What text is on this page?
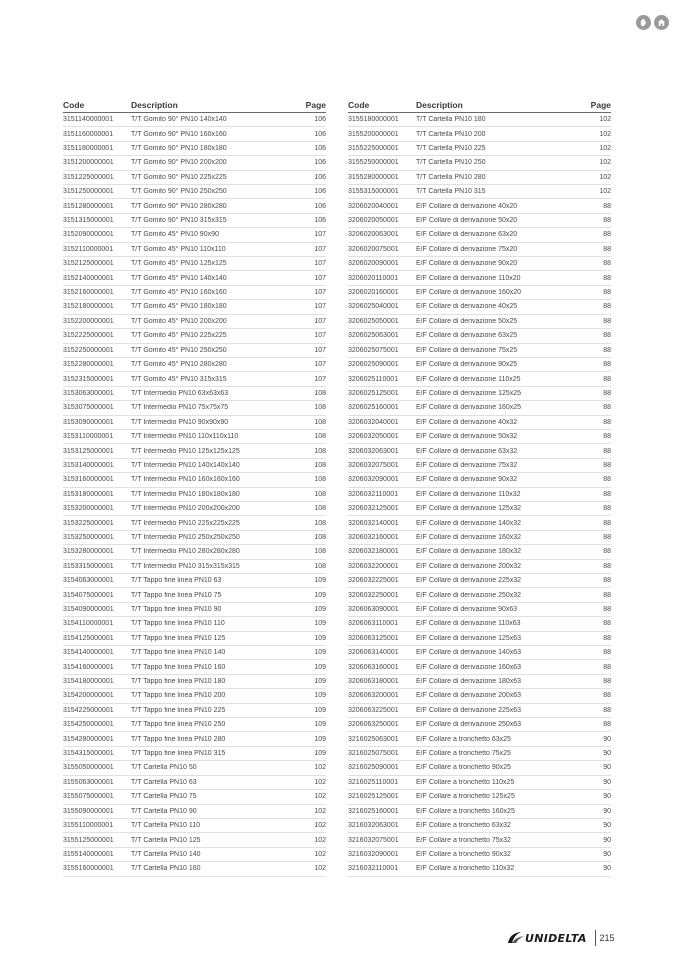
Code	Description	Page
3151140000001	T/T Gomito 90° PN10 140x140	106
3151160000001	T/T Gomito 90° PN10 160x160	106
3151180000001	T/T Gomito 90° PN10 180x180	106
3151200000001	T/T Gomito 90° PN10 200x200	106
3151225000001	T/T Gomito 90° PN10 225x225	106
3151250000001	T/T Gomito 90° PN10 250x250	106
3151280000001	T/T Gomito 90° PN10 280x280	106
3151315000001	T/T Gomito 90° PN10 315x315	106
3152090000001	T/T Gomito 45° PN10 90x90	107
3152110000001	T/T Gomito 45° PN10 110x110	107
3152125000001	T/T Gomito 45° PN10 125x125	107
3152140000001	T/T Gomito 45° PN10 140x140	107
3152160000001	T/T Gomito 45° PN10 160x160	107
3152180000001	T/T Gomito 45° PN10 180x180	107
3152200000001	T/T Gomito 45° PN10 200x200	107
3152225000001	T/T Gomito 45° PN10 225x225	107
3152250000001	T/T Gomito 45° PN10 250x250	107
3152280000001	T/T Gomito 45° PN10 280x280	107
3152315000001	T/T Gomito 45° PN10 315x315	107
3153063000001	T/T Intermedio PN10 63x63x63	108
3153075000001	T/T Intermedio PN10 75x75x75	108
3153090000001	T/T Intermedio PN10 90x90x90	108
3153110000001	T/T Intermedio PN10 110x110x110	108
3153125000001	T/T Intermedio PN10 125x125x125	108
3153140000001	T/T Intermedio PN10 140x140x140	108
3153160000001	T/T Intermedio PN10 160x160x160	108
3153180000001	T/T Intermedio PN10 180x180x180	108
3153200000001	T/T Intermedio PN10 200x200x200	108
3153225000001	T/T Intermedio PN10 225x225x225	108
3153250000001	T/T Intermedio PN10 250x250x250	108
3153280000001	T/T Intermedio PN10 280x280x280	108
3153315000001	T/T Intermedio PN10 315x315x315	108
3154063000001	T/T Tappo fine linea PN10 63	109
3154075000001	T/T Tappo fine linea PN10 75	109
3154090000001	T/T Tappo fine linea PN10 90	109
3154110000001	T/T Tappo fine linea PN10 110	109
3154125000001	T/T Tappo fine linea PN10 125	109
3154140000001	T/T Tappo fine linea PN10 140	109
3154160000001	T/T Tappo fine linea PN10 160	109
3154180000001	T/T Tappo fine linea PN10 180	109
3154200000001	T/T Tappo fine linea PN10 200	109
3154225000001	T/T Tappo fine linea PN10 225	109
3154250000001	T/T Tappo fine linea PN10 250	109
3154280000001	T/T Tappo fine linea PN10 280	109
3154315000001	T/T Tappo fine linea PN10 315	109
3155050000001	T/T Cartella PN10 50	102
3155063000001	T/T Cartella PN10 63	102
3155075000001	T/T Cartella PN10 75	102
3155090000001	T/T Cartella PN10 90	102
3155110000001	T/T Cartella PN10 110	102
3155125000001	T/T Cartella PN10 125	102
3155140000001	T/T Cartella PN10 140	102
3155160000001	T/T Cartella PN10 160	102
Code	Description	Page
3155180000001	T/T Cartella PN10 180	102
3155200000001	T/T Cartella PN10 200	102
3155225000001	T/T Cartella PN10 225	102
3155250000001	T/T Cartella PN10 250	102
3155280000001	T/T Cartella PN10 280	102
3155315000001	T/T Cartella PN10 315	102
3206020040001	E/F Collare di derivazione 40x20	88
3206020050001	E/F Collare di derivazione 50x20	88
3206020063001	E/F Collare di derivazione 63x20	88
3206020075001	E/F Collare di derivazione 75x20	88
3206020090001	E/F Collare di derivazione 90x20	88
3206020110001	E/F Collare di derivazione 110x20	88
3206020160001	E/F Collare di derivazione 160x20	88
3206025040001	E/F Collare di derivazione 40x25	88
3206025050001	E/F Collare di derivazione 50x25	88
3206025063001	E/F Collare di derivazione 63x25	88
3206025075001	E/F Collare di derivazione 75x25	88
3206025090001	E/F Collare di derivazione 90x25	88
3206025110001	E/F Collare di derivazione 110x25	88
3206025125001	E/F Collare di derivazione 125x25	88
3206025160001	E/F Collare di derivazione 160x25	88
3206032040001	E/F Collare di derivazione 40x32	88
3206032050001	E/F Collare di derivazione 50x32	88
3206032063001	E/F Collare di derivazione 63x32	88
3206032075001	E/F Collare di derivazione 75x32	88
3206032090001	E/F Collare di derivazione 90x32	88
3206032110001	E/F Collare di derivazione 110x32	88
3206032125001	E/F Collare di derivazione 125x32	88
3206032140001	E/F Collare di derivazione 140x32	88
3206032160001	E/F Collare di derivazione 160x32	88
3206032180001	E/F Collare di derivazione 180x32	88
3206032200001	E/F Collare di derivazione 200x32	88
3206032225001	E/F Collare di derivazione 225x32	88
3206032250001	E/F Collare di derivazione 250x32	88
3206063090001	E/F Collare di derivazione 90x63	88
3206063110001	E/F Collare di derivazione 110x63	88
3206063125001	E/F Collare di derivazione 125x63	88
3206063140001	E/F Collare di derivazione 140x63	88
3206063160001	E/F Collare di derivazione 160x63	88
3206063180001	E/F Collare di derivazione 180x63	88
3206063200001	E/F Collare di derivazione 200x63	88
3206063225001	E/F Collare di derivazione 225x63	88
3206063250001	E/F Collare di derivazione 250x63	88
3216025063001	E/F Collare a tronchetto 63x25	90
3216025075001	E/F Collare a tronchetto 75x25	90
3216025090001	E/F Collare a tronchetto 90x25	90
3216025110001	E/F Collare a tronchetto 110x25	90
3216025125001	E/F Collare a tronchetto 125x25	90
3216025160001	E/F Collare a tronchetto 160x25	90
3216032063001	E/F Collare a tronchetto 63x32	90
3216032075001	E/F Collare a tronchetto 75x32	90
3216032090001	E/F Collare a tronchetto 90x32	90
3216032110001	E/F Collare a tronchetto 110x32	90
UNIDELTA 215
